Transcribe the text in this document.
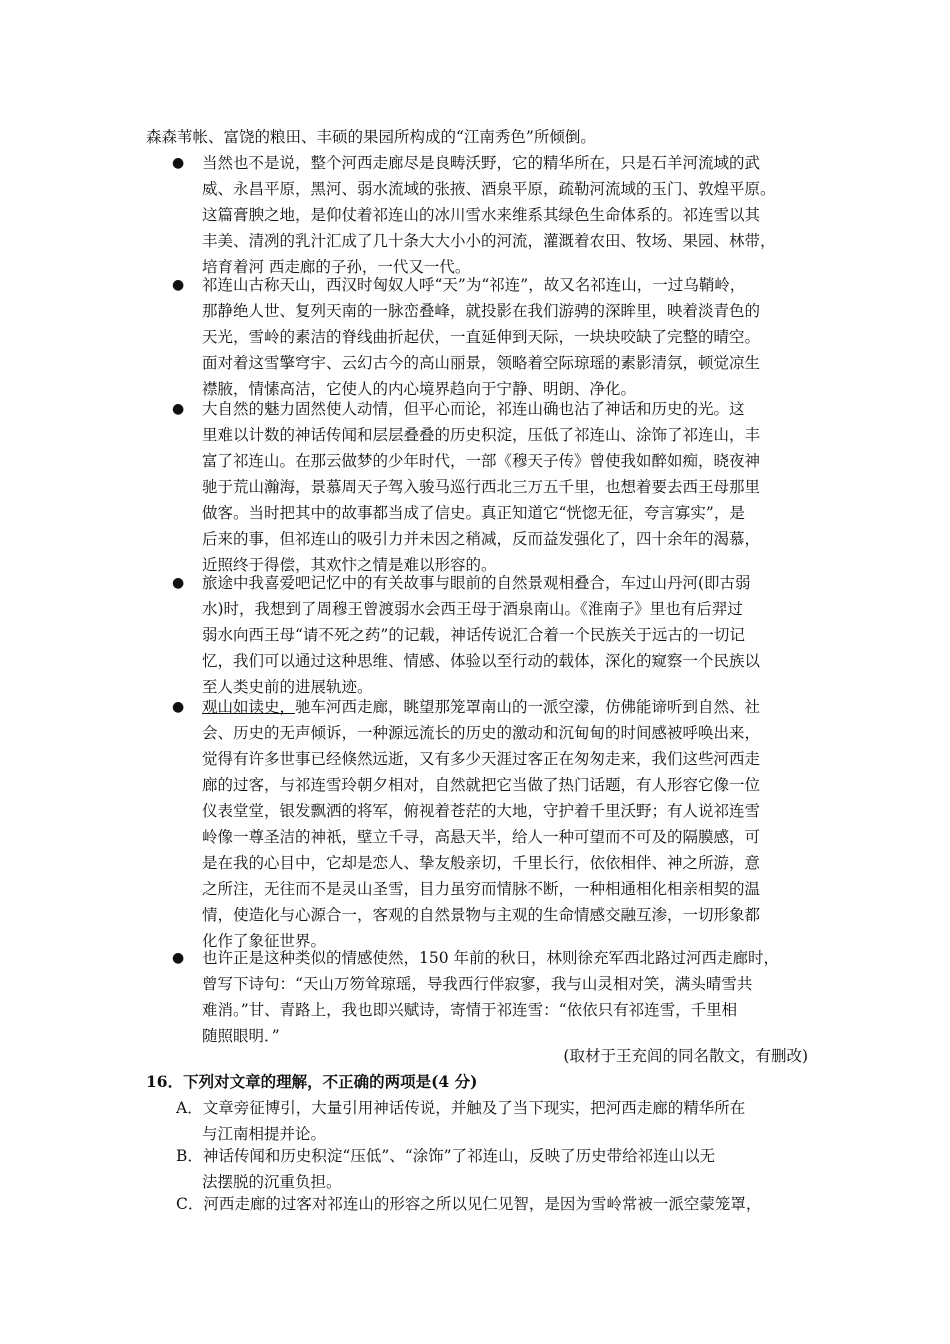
森森苇帐、富饶的粮田、丰硕的果园所构成的“江南秀色”所倾倒。
● 当然也不是说，整个河西走廊尽是良畴沃野，它的精华所在，只是石羊河流域的武
威、永昌平原，黑河、弱水流域的张掖、酒泉平原，疏勒河流域的玉门、敦煌平原。
这篇膏腴之地，是仰仗着祁连山的冰川雪水来维系其绿色生命体系的。祁连雪以其
丰美、清冽的乳汁汇成了几十条大大小小的河流，灌溉着农田、牧场、果园、林带，
培育着河 西走廊的子孙，一代又一代。
● 祁连山古称天山，西汉时匈奴人呼“天”为“祁连”，故又名祁连山，一过乌鞘岭，
那静绝人世、复列天南的一脉峦叠峰，就投影在我们游骋的深眸里，映着淡青色的
天光，雪岭的素洁的脊线曲折起伏，一直延伸到天际，一块块咬缺了完整的晴空。
面对着这雪擎穹宇、云幻古今的高山丽景，领略着空际琼瑶的素影清氛，顿觉凉生
襟腋，情愫高洁，它使人的内心境界趋向于宁静、明朗、净化。
● 大自然的魅力固然使人动情，但平心而论，祁连山确也沾了神话和历史的光。这
里难以计数的神话传闻和层层叠叠的历史积淀，压低了祁连山、涂饰了祁连山，丰
富了祁连山。在那云做梦的少年时代，一部《穆天子传》曾使我如醉如痴，晓夜神
驰于荒山瀚海，景慕周天子驾入骏马巡行西北三万五千里，也想着要去西王母那里
做客。当时把其中的故事都当成了信史。真正知道它“恍惚无征，夸言寡实”，是
后来的事，但祁连山的吸引力并未因之稍减，反而益发强化了，四十余年的渴慕，
近照终于得偿，其欢忭之情是难以形容的。
● 旅途中我喜爱吧记忆中的有关故事与眼前的自然景观相叠合，车过山丹河(即古弱
水)时，我想到了周穆王曾渡弱水会西王母于酒泉南山。《淮南子》里也有后羿过
弱水向西王母“请不死之药”的记载，神话传说汇合着一个民族关于远古的一切记
忆，我们可以通过这种思维、情感、体验以至行动的载体，深化的窥察一个民族以
至人类史前的进展轨迹。
● 观山如读史，驰车河西走廊，眺望那笼罩南山的一派空濛，仿佛能谛听到自然、社
会、历史的无声倾诉，一种源远流长的历史的激动和沉甸甸的时间感被呼唤出来，
觉得有许多世事已经倏然远逝，又有多少天涯过客正在匆匆走来，我们这些河西走
廊的过客，与祁连雪玲朝夕相对，自然就把它当做了热门话题，有人形容它像一位
仪表堂堂，银发飘洒的将军，俯视着苍茫的大地，守护着千里沃野；有人说祁连雪
岭像一尊圣洁的神祇，壁立千寻，高悬天半，给人一种可望而不可及的隔膜感，可
是在我的心目中，它却是恋人、挚友般亲切，千里长行，依依相伴、神之所游，意
之所注，无往而不是灵山圣雪，目力虽穷而情脉不断，一种相通相化相亲相契的温
情，使造化与心源合一，客观的自然景物与主观的生命情感交融互渗，一切形象都
化作了象征世界。
● 也许正是这种类似的情感使然，150 年前的秋日，林则徐充军西北路过河西走廊时，
曾写下诗句：“天山万笏耸琼瑶，导我西行伴寂寥，我与山灵相对笑，满头晴雪共
难消。”甘、青路上，我也即兴赋诗，寄情于祁连雪：“依依只有祁连雪，千里相
随照眼明．”
(取材于王充闾的同名散文，有删改)
16．下列对文章的理解，不正确的两项是(4 分)
A．文章旁征博引，大量引用神话传说，并触及了当下现实，把河西走廊的精华所在
与江南相提并论。
B．神话传闻和历史积淀“压低”、“涂饰”了祁连山，反映了历史带给祁连山以无
法摆脱的沉重负担。
C．河西走廊的过客对祁连山的形容之所以见仁见智，是因为雪岭常被一派空蒙笼罩，
